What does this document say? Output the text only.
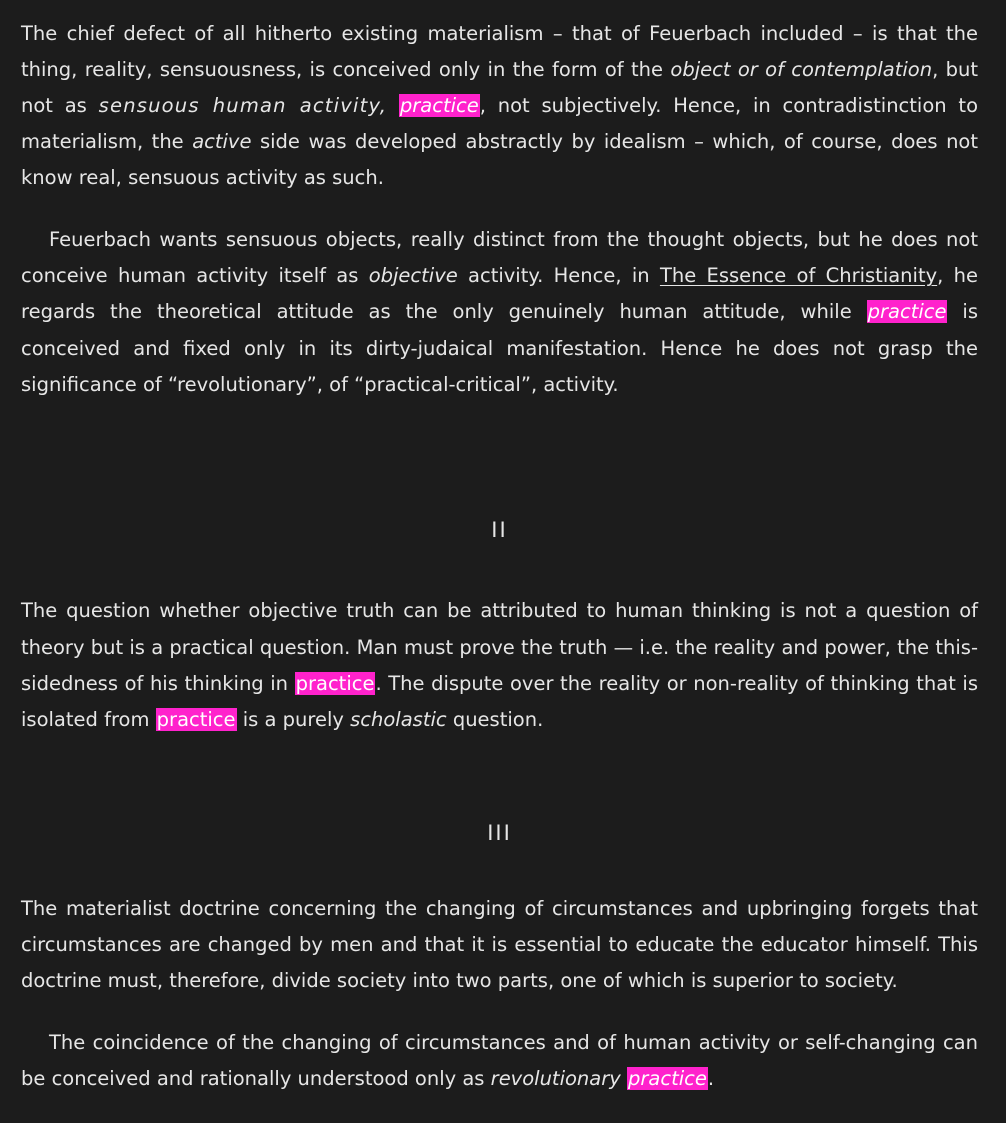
The chief defect of all hitherto existing materialism – that of Feuerbach included – is that the thing, reality, sensuousness, is conceived only in the form of the object or of contemplation, but not as sensuous human activity, practice, not subjectively. Hence, in contradistinction to materialism, the active side was developed abstractly by idealism – which, of course, does not know real, sensuous activity as such.

Feuerbach wants sensuous objects, really distinct from the thought objects, but he does not conceive human activity itself as objective activity. Hence, in The Essence of Christianity, he regards the theoretical attitude as the only genuinely human attitude, while practice is conceived and fixed only in its dirty-judaical manifestation. Hence he does not grasp the significance of “revolutionary”, of “practical-critical”, activity.

II

The question whether objective truth can be attributed to human thinking is not a question of theory but is a practical question. Man must prove the truth — i.e. the reality and power, the this-sidedness of his thinking in practice. The dispute over the reality or non-reality of thinking that is isolated from practice is a purely scholastic question.

III

The materialist doctrine concerning the changing of circumstances and upbringing forgets that circumstances are changed by men and that it is essential to educate the educator himself. This doctrine must, therefore, divide society into two parts, one of which is superior to society.

The coincidence of the changing of circumstances and of human activity or self-changing can be conceived and rationally understood only as revolutionary practice.
